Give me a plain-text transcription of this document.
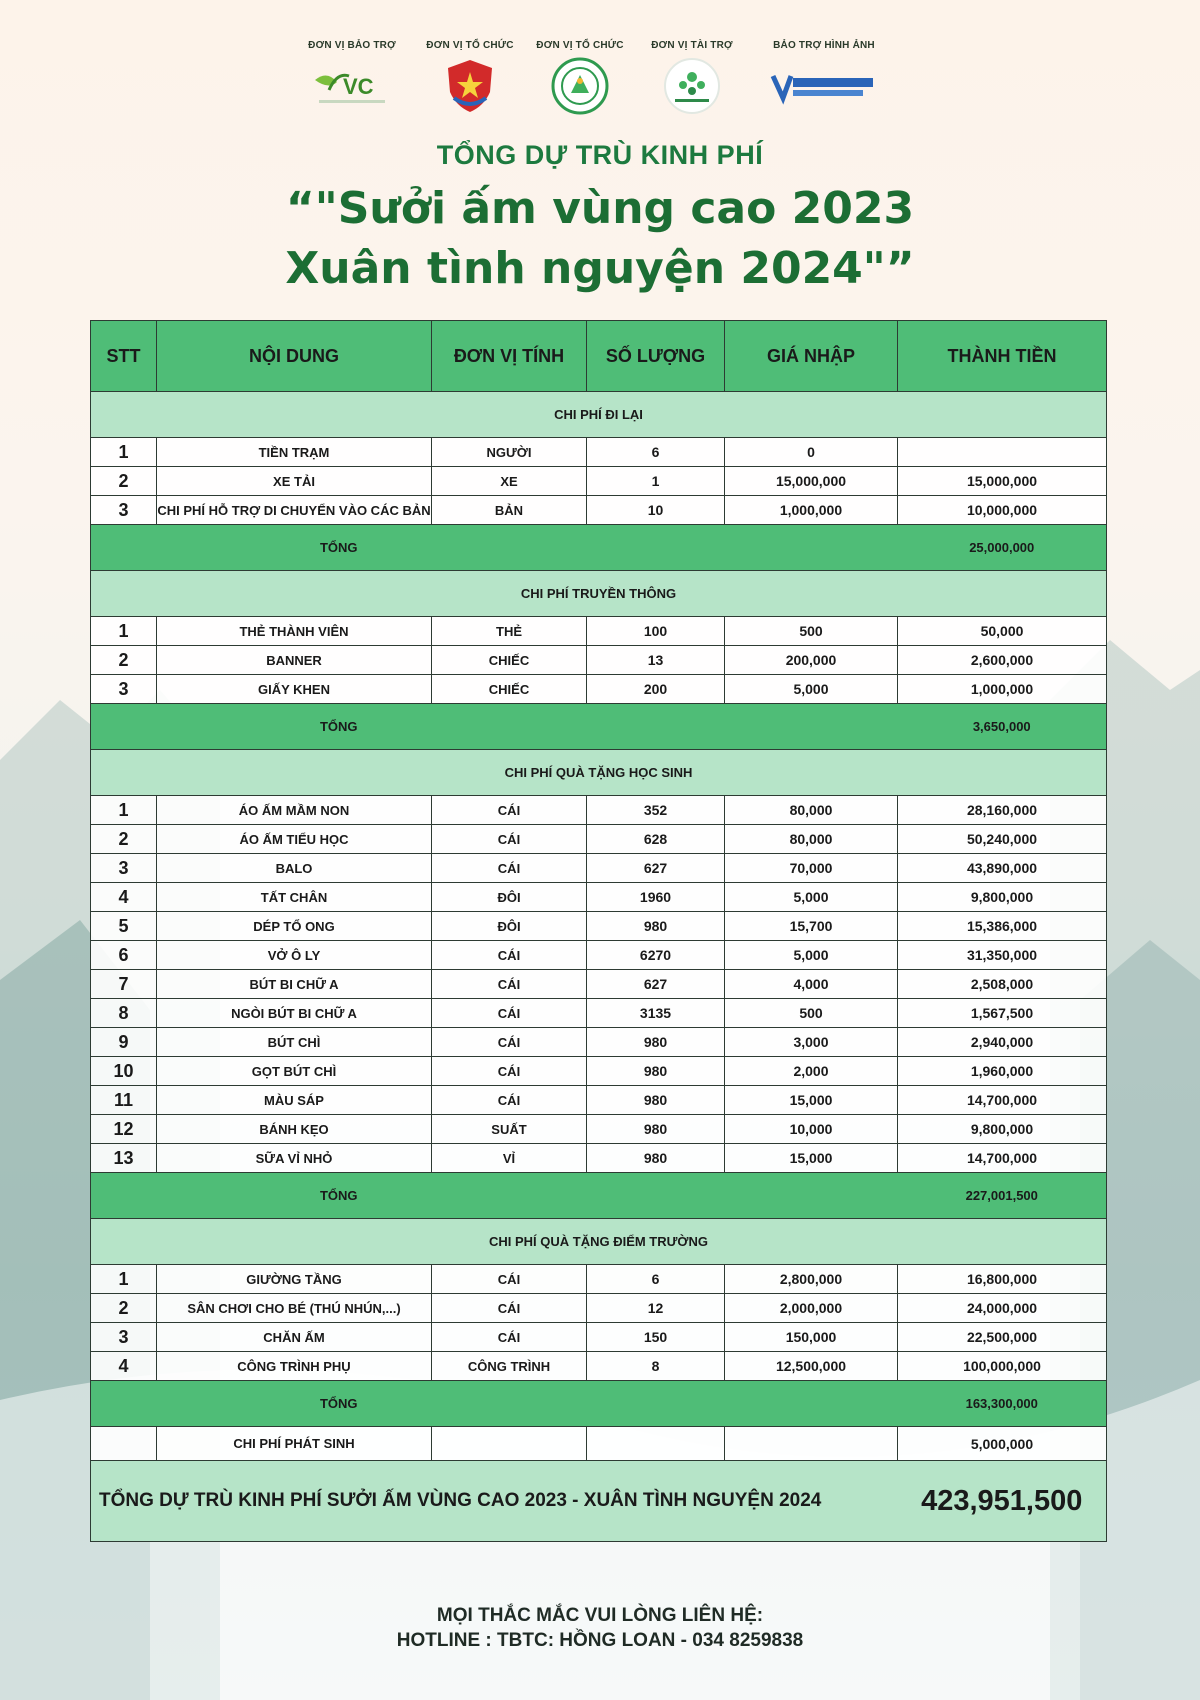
ĐƠN VỊ BẢO TRỢ
VC
ĐƠN VỊ TỔ CHỨC	ĐƠN VỊ TỔ CHỨC	ĐƠN VỊ TÀI TRỢ	BẢO TRỢ HÌNH ẢNH
TỔNG DỰ TRÙ KINH PHÍ
“"Sưởi ấm vùng cao 2023
Xuân tình nguyện 2024"”
STT	NỘI DUNG	ĐƠN VỊ TÍNH	SỐ LƯỢNG	GIÁ NHẬP	THÀNH TIỀN
CHI PHÍ ĐI LẠI					
1	TIỀN TRẠM	NGƯỜI	6	0	
2	XE TẢI	XE	1	15,000,000	15,000,000
3	CHI PHÍ HỖ TRỢ DI CHUYỂN VÀO CÁC BẢN	BẢN	10	1,000,000	10,000,000
TỔNG					25,000,000
CHI PHÍ TRUYỀN THÔNG					
1	THẺ THÀNH VIÊN	THẺ	100	500	50,000
2	BANNER	CHIẾC	13	200,000	2,600,000
3	GIẤY KHEN	CHIẾC	200	5,000	1,000,000
TỔNG					3,650,000
CHI PHÍ QUÀ TẶNG HỌC SINH					
1	ÁO ẤM MẦM NON	CÁI	352	80,000	28,160,000
2	ÁO ẤM TIỂU HỌC	CÁI	628	80,000	50,240,000
3	BALO	CÁI	627	70,000	43,890,000
4	TẤT CHÂN	ĐÔI	1960	5,000	9,800,000
5	DÉP TỔ ONG	ĐÔI	980	15,700	15,386,000
6	VỞ Ô LY	CÁI	6270	5,000	31,350,000
7	BÚT BI CHỮ A	CÁI	627	4,000	2,508,000
8	NGÒI BÚT BI CHỮ A	CÁI	3135	500	1,567,500
9	BÚT CHÌ	CÁI	980	3,000	2,940,000
10	GỌT BÚT CHÌ	CÁI	980	2,000	1,960,000
11	MÀU SÁP	CÁI	980	15,000	14,700,000
12	BÁNH KẸO	SUẤT	980	10,000	9,800,000
13	SỮA VỈ NHỎ	VỈ	980	15,000	14,700,000
TỔNG					227,001,500
CHI PHÍ QUÀ TẶNG ĐIỂM TRƯỜNG					
1	GIƯỜNG TẦNG	CÁI	6	2,800,000	16,800,000
2	SÂN CHƠI CHO BÉ (THÚ NHÚN,...)	CÁI	12	2,000,000	24,000,000
3	CHĂN ẤM	CÁI	150	150,000	22,500,000
4	CÔNG TRÌNH PHỤ	CÔNG TRÌNH	8	12,500,000	100,000,000
TỔNG					163,300,000
	CHI PHÍ PHÁT SINH				5,000,000
TỔNG DỰ TRÙ KINH PHÍ SƯỞI ẤM VÙNG CAO 2023 - XUÂN TÌNH NGUYỆN 2024					423,951,500
MỌI THẮC MẮC VUI LÒNG LIÊN HỆ:
HOTLINE : TBTC: HỒNG LOAN - 034 8259838
